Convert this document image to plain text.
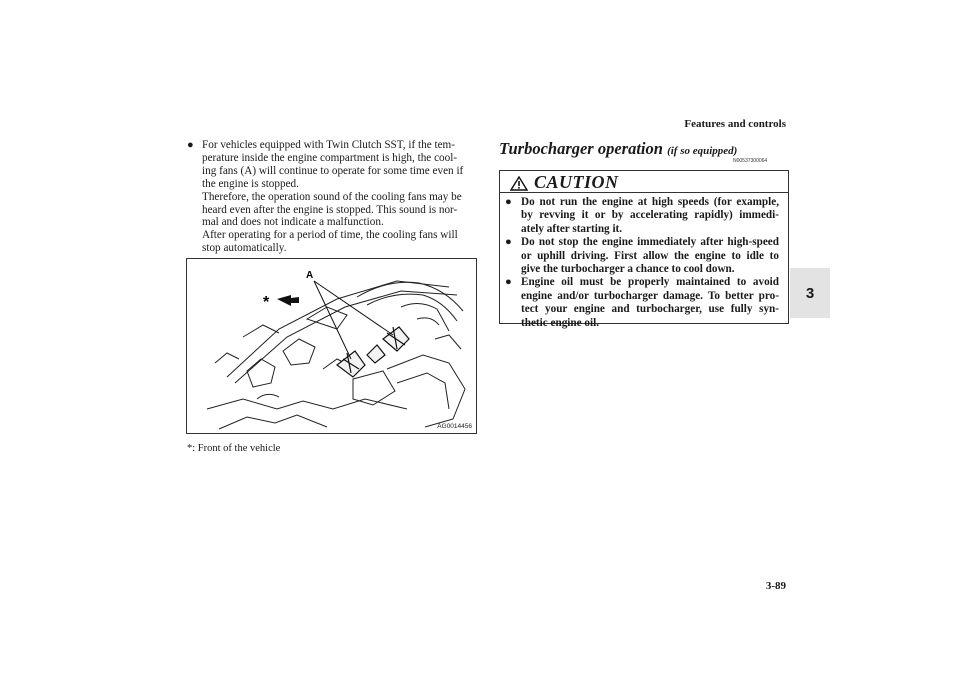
Features and controls
3
● For vehicles equipped with Twin Clutch SST, if the tem-
perature inside the engine compartment is high, the cool-
ing fans (A) will continue to operate for some time even if
the engine is stopped.
Therefore, the operation sound of the cooling fans may be
heard even after the engine is stopped. This sound is nor-
mal and does not indicate a malfunction.
After operating for a period of time, the cooling fans will
stop automatically.
A
*
AG0014456
*: Front of the vehicle
Turbocharger operation (if so equipped)
N00537300064
CAUTION
● Do not run the engine at high speeds (for example,
by revving it or by accelerating rapidly) immedi-
ately after starting it.
● Do not stop the engine immediately after high-speed
or uphill driving. First allow the engine to idle to
give the turbocharger a chance to cool down.
● Engine oil must be properly maintained to avoid
engine and/or turbocharger damage. To better pro-
tect your engine and turbocharger, use fully syn-
thetic engine oil.
3-89
